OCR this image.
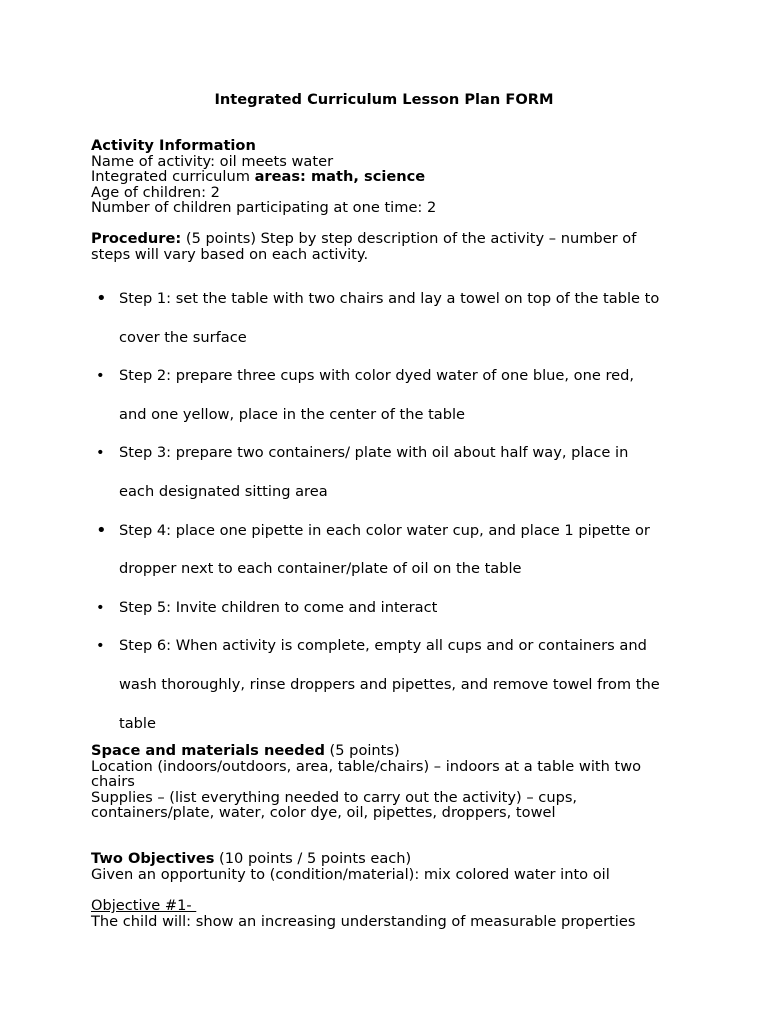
Integrated Curriculum Lesson Plan FORM
Activity Information
Name of activity: oil meets water
Integrated curriculum areas: math, science
Age of children: 2
Number of children participating at one time: 2
Procedure: (5 points) Step by step description of the activity – number of
steps will vary based on each activity.
• Step 1: set the table with two chairs and lay a towel on top of the table to
cover the surface
• Step 2: prepare three cups with color dyed water of one blue, one red,
and one yellow, place in the center of the table
• Step 3: prepare two containers/ plate with oil about half way, place in
each designated sitting area
• Step 4: place one pipette in each color water cup, and place 1 pipette or
dropper next to each container/plate of oil on the table
• Step 5: Invite children to come and interact
• Step 6: When activity is complete, empty all cups and or containers and
wash thoroughly, rinse droppers and pipettes, and remove towel from the
table
Space and materials needed (5 points)
Location (indoors/outdoors, area, table/chairs) – indoors at a table with two
chairs
Supplies – (list everything needed to carry out the activity) – cups,
containers/plate, water, color dye, oil, pipettes, droppers, towel
Two Objectives (10 points / 5 points each)
Given an opportunity to (condition/material): mix colored water into oil
Objective #1-
The child will: show an increasing understanding of measurable properties
